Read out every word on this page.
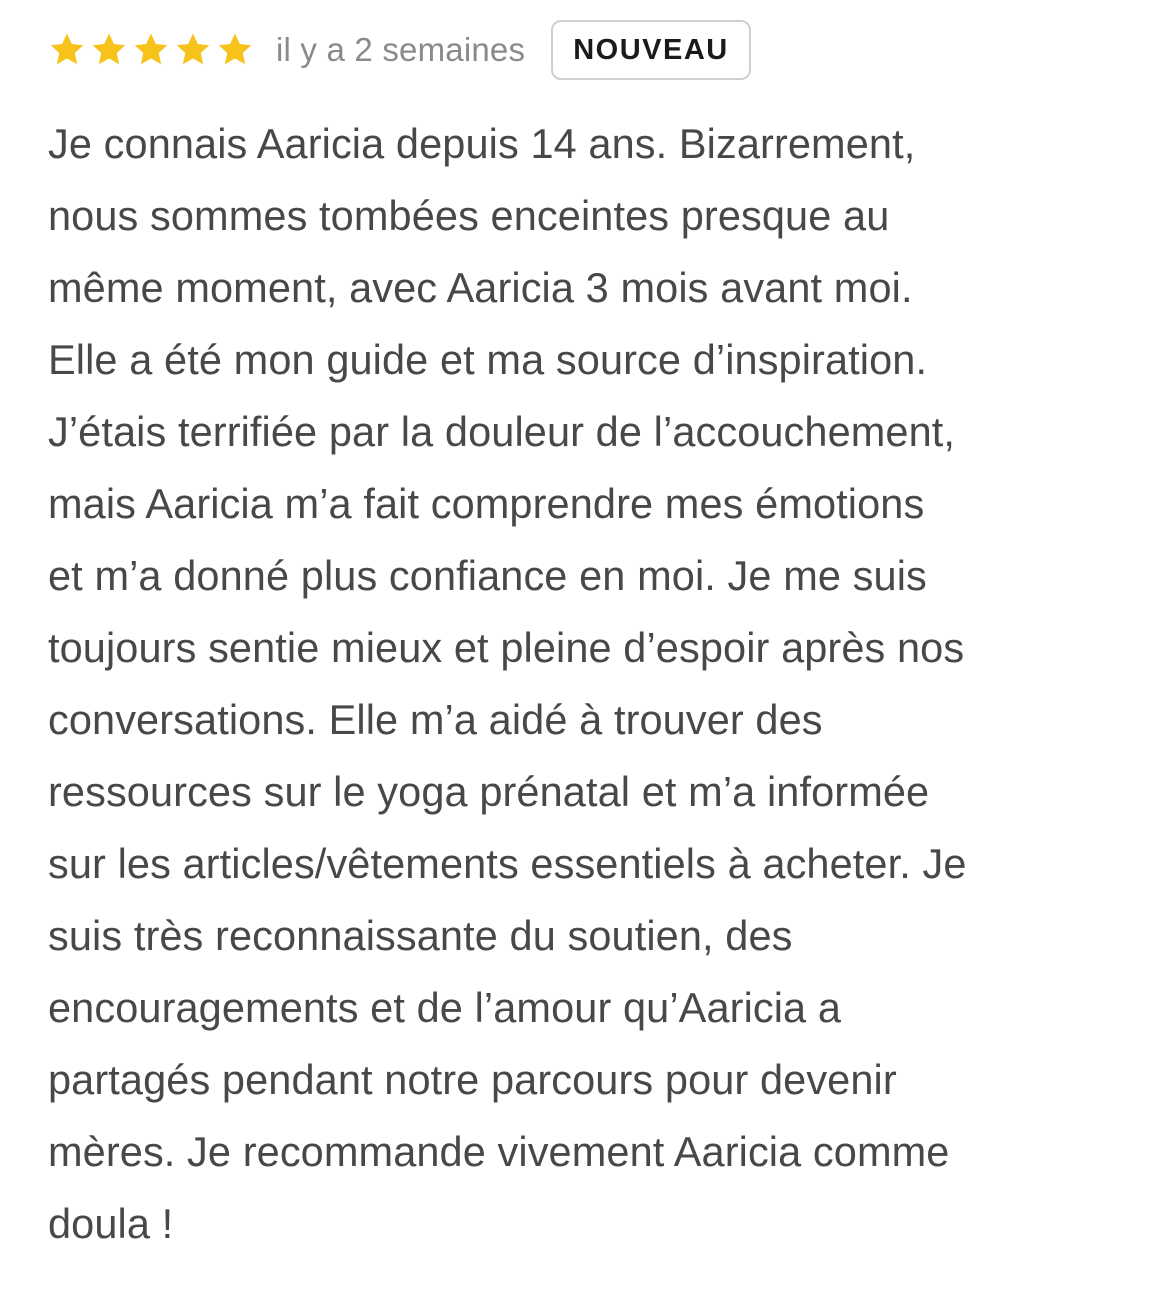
il y a 2 semaines	NOUVEAU

Je connais Aaricia depuis 14 ans. Bizarrement,
nous sommes tombées enceintes presque au
même moment, avec Aaricia 3 mois avant moi.
Elle a été mon guide et ma source d’inspiration.
J’étais terrifiée par la douleur de l’accouchement,
mais Aaricia m’a fait comprendre mes émotions
et m’a donné plus confiance en moi. Je me suis
toujours sentie mieux et pleine d’espoir après nos
conversations. Elle m’a aidé à trouver des
ressources sur le yoga prénatal et m’a informée
sur les articles/vêtements essentiels à acheter. Je
suis très reconnaissante du soutien, des
encouragements et de l’amour qu’Aaricia a
partagés pendant notre parcours pour devenir
mères. Je recommande vivement Aaricia comme
doula !
